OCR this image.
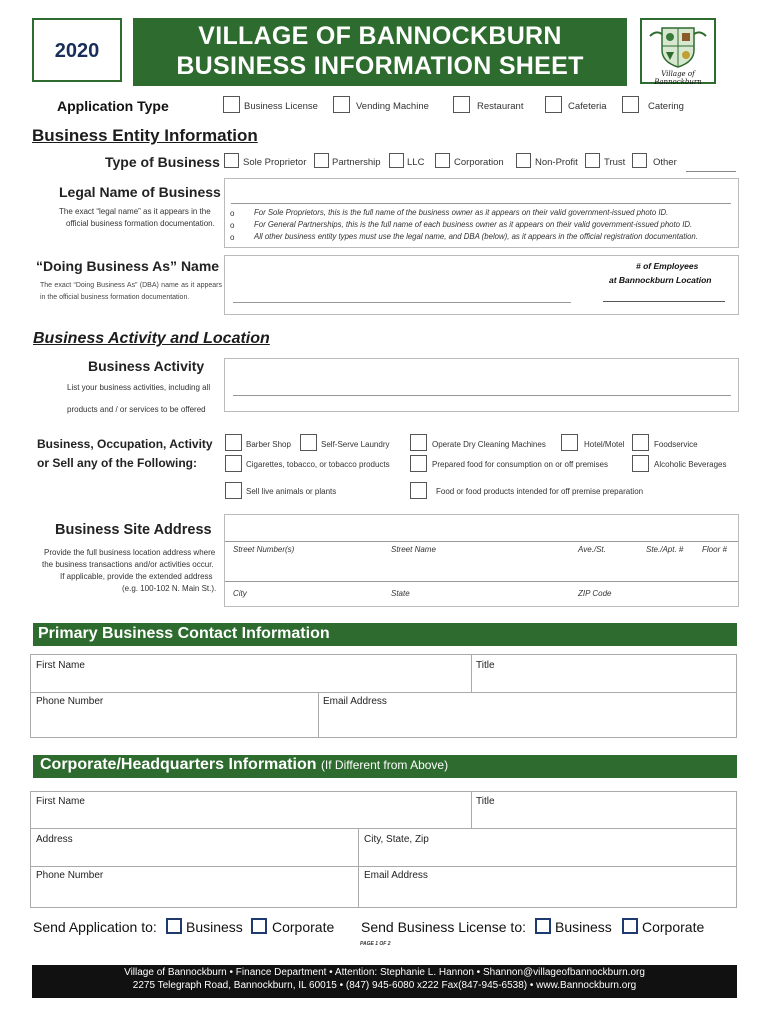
2020
VILLAGE OF BANNOCKBURN
BUSINESS INFORMATION SHEET	Village of Bannockburn
Application Type	Business License	Vending Machine	Restaurant	Cafeteria	Catering
Business Entity Information
Type of Business Sole Proprietor	Partnership	LLC	Corporation	Non-Profit	Trust	Other
Legal Name of Business
The exact “legal name” as it appears in the
official business formation documentation.
o
o
o
For Sole Proprietors, this is the full name of the business owner as it appears on their valid government-issued photo ID.
For General Partnerships, this is the full name of each business owner as it appears on their valid government-issued photo ID.
All other business entity types must use the legal name, and DBA (below), as it appears in the official registration documentation.
“Doing Business As” Name
The exact “Doing Business As” (DBA) name as it appears in the official business formation documentation.
# of Employees
at Bannockburn Location
Business Activity and Location
Business Activity
List your business activities, including all
products and / or services to be offered
Business, Occupation, Activity
or Sell any of the Following:
Barber Shop	Self-Serve Laundry	Operate Dry Cleaning Machines	Hotel/Motel	Foodservice
Cigarettes, tobacco, or tobacco products	Prepared food for consumption on or off premises	Alcoholic Beverages
Sell live animals or plants	Food or food products intended for off premise preparation
Business Site Address
Provide the full business location address where
the business transactions and/or activities occur.
If applicable, provide the extended address
(e.g. 100-102 N. Main St.).
Street Number(s)	Street Name	Ave./St.	Ste./Apt. # Floor #
City	State	ZIP Code
Primary Business Contact Information
First Name	Title
Phone Number	Email Address
Corporate/Headquarters Information (If Different from Above)
First Name	Title
Address	City, State, Zip
Phone Number	Email Address
Send Application to: Business Corporate Send Business License to: Business Corporate
PAGE 1 OF 2
Village of Bannockburn • Finance Department • Attention: Stephanie L. Hannon • Shannon@villageofbannockburn.org
2275 Telegraph Road, Bannockburn, IL 60015 • (847) 945-6080 x222 Fax(847-945-6538) • www.Bannockburn.org
